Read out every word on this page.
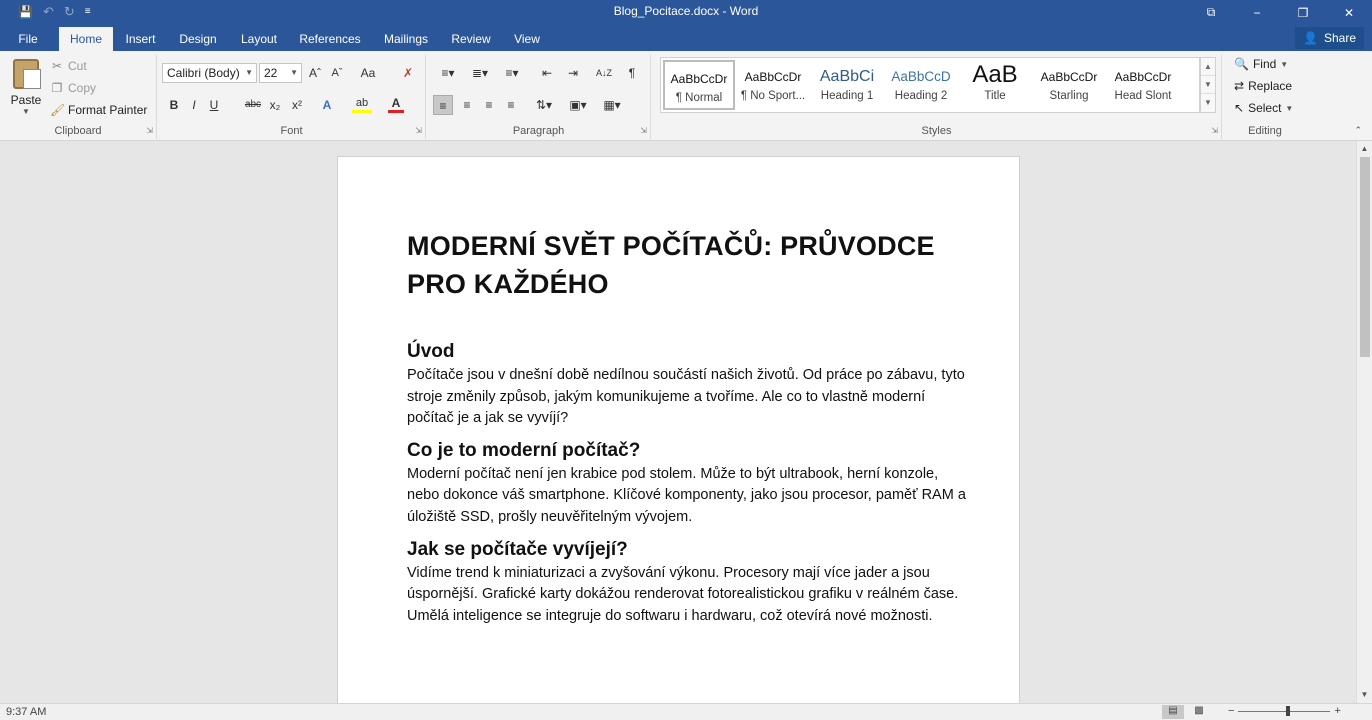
💾 ↶ ↻ ≡	Blog_Pocitace.docx - Word	⧉	−	❐	✕
File	Home	Insert	Design	Layout	References	Mailings	Review	View	👤 Share
Paste
▼
✂ Cut
❐ Copy
🖌 Format Painter
Clipboard	⇲
Calibri (Body) ▼ 22 ▼ Aˆ Aˇ	Aa	✗
B	I	U	abc x₂ x²	A	ab	A
Font	⇲
≡▾	≣▾	≡▾	⇤	⇥	A↓Z	¶
≡	≡	≡	≡	⇅▾	▣▾	▦▾
Paragraph	⇲	Styles	⇲
AaBbCcDr
¶ Normal
AaBbCcDr
¶ No Sport...
AaBbCi
Heading 1
AaBbCcD
Heading 2
AaB
Title
AaBbCcDr
Starling
AaBbCcDr
Head Slont
▲
▼
▼
Editing
🔍 Find ▼
⇄ Replace
↖ Select ▼
⌃
MODERNÍ SVĚT POČÍTAČŮ: PRŮVODCE PRO KAŽDÉHO
Úvod

Počítače jsou v dnešní době nedílnou součástí našich životů. Od práce po zábavu, tyto stroje změnily způsob, jakým komunikujeme a tvoříme. Ale co to vlastně moderní počítač je a jak se vyvíjí?

Co je to moderní počítač?

Moderní počítač není jen krabice pod stolem. Může to být ultrabook, herní konzole, nebo dokonce váš smartphone. Klíčové komponenty, jako jsou procesor, paměť RAM a úložiště SSD, prošly neuvěřitelným vývojem.

Jak se počítače vyvíjejí?

Vidíme trend k miniaturizaci a zvyšování výkonu. Procesory mají více jader a jsou úspornější. Grafické karty dokážou renderovat fotorealistickou grafiku v reálném čase. Umělá inteligence se integruje do softwaru i hardwaru, což otevírá nové možnosti.

▲
▼
9:37 AM	▤	▩	−	+
